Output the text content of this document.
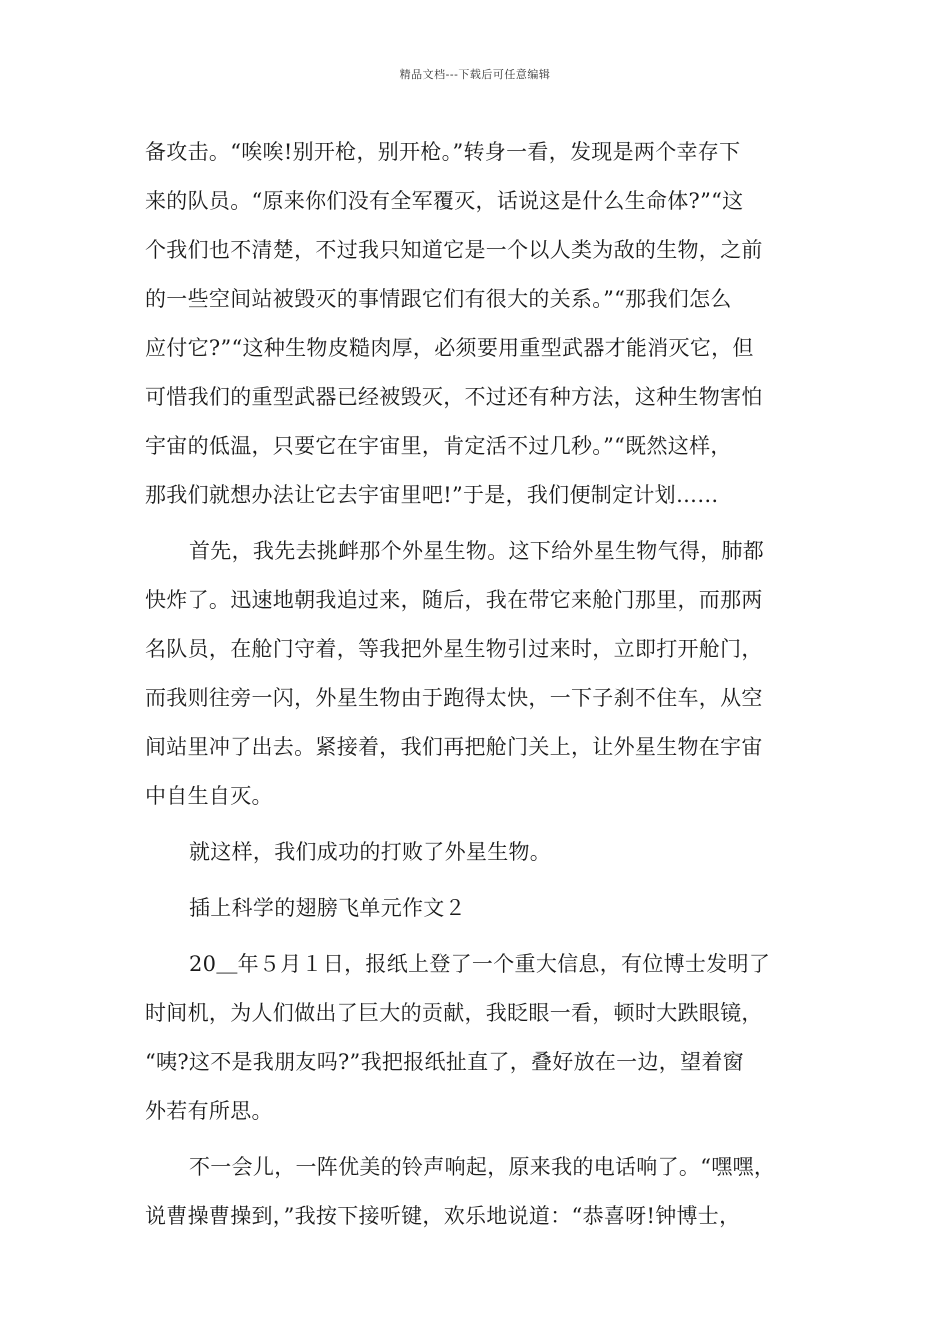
精品文档---下载后可任意编辑
备攻击。“唉唉!别开枪，别开枪。”转身一看，发现是两个幸存下
来的队员。“原来你们没有全军覆灭，话说这是什么生命体?”“这
个我们也不清楚，不过我只知道它是一个以人类为敌的生物，之前
的一些空间站被毁灭的事情跟它们有很大的关系。”“那我们怎么
应付它?”“这种生物皮糙肉厚，必须要用重型武器才能消灭它，但
可惜我们的重型武器已经被毁灭，不过还有种方法，这种生物害怕
宇宙的低温，只要它在宇宙里，肯定活不过几秒。”“既然这样，
那我们就想办法让它去宇宙里吧!”于是，我们便制定计划……
首先，我先去挑衅那个外星生物。这下给外星生物气得，肺都
快炸了。迅速地朝我追过来，随后，我在带它来舱门那里，而那两
名队员，在舱门守着，等我把外星生物引过来时，立即打开舱门，
而我则往旁一闪，外星生物由于跑得太快，一下子刹不住车，从空
间站里冲了出去。紧接着，我们再把舱门关上，让外星生物在宇宙
中自生自灭。
就这样，我们成功的打败了外星生物。
插上科学的翅膀飞单元作文２
20＿年５月１日，报纸上登了一个重大信息，有位博士发明了
时间机，为人们做出了巨大的贡献，我眨眼一看，顿时大跌眼镜，
“咦?这不是我朋友吗?”我把报纸扯直了，叠好放在一边，望着窗
外若有所思。
不一会儿，一阵优美的铃声响起，原来我的电话响了。“嘿嘿，
说曹操曹操到，”我按下接听键，欢乐地说道：“恭喜呀!钟博士，
